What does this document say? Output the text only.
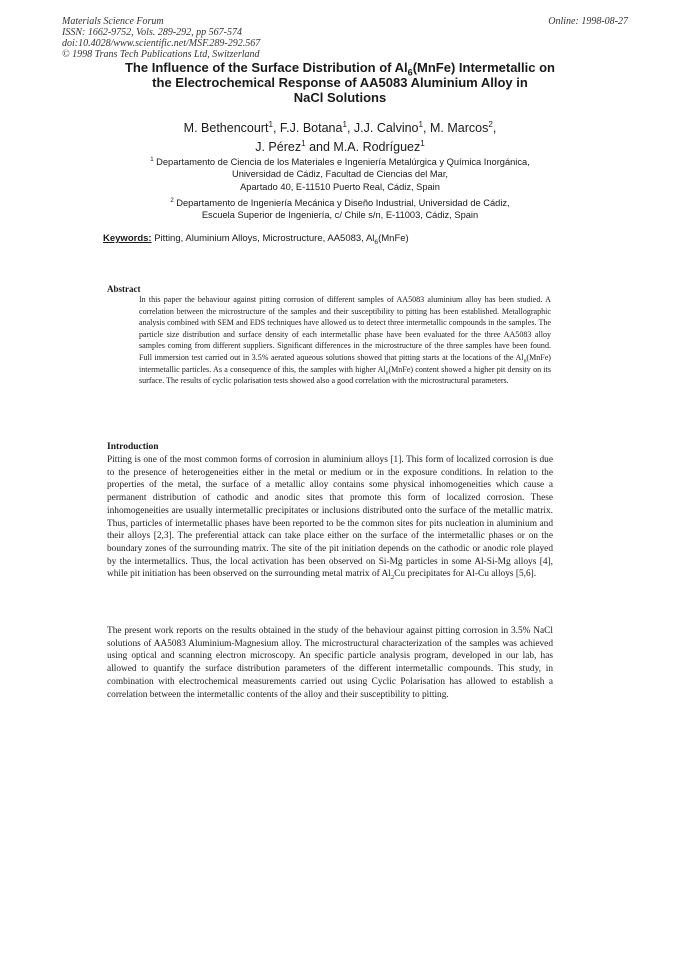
Materials Science Forum
ISSN: 1662-9752, Vols. 289-292, pp 567-574
doi:10.4028/www.scientific.net/MSF.289-292.567
© 1998 Trans Tech Publications Ltd, Switzerland
Online: 1998-08-27
The Influence of the Surface Distribution of $Al_6(MnFe)$ Intermetallic on
the Electrochemical Response of AA5083 Aluminium Alloy in
NaCl Solutions
M. Bethencourt$^1$, F.J. Botana$^1$, J.J. Calvino$^1$, M. Marcos$^2$,
J. Pérez$^1$ and M.A. Rodríguez$^1$
$^1$ Departamento de Ciencia de los Materiales e Ingeniería Metalúrgica y Química Inorgánica,
Universidad de Cádiz, Facultad de Ciencias del Mar,
Apartado 40, E-11510 Puerto Real, Cádiz, Spain
$^2$ Departamento de Ingeniería Mecánica y Diseño Industrial, Universidad de Cádiz,
Escuela Superior de Ingeniería, c/ Chile s/n, E-11003, Cádiz, Spain
Keywords: Pitting, Aluminium Alloys, Microstructure, AA5083, $Al_6(MnFe)$
Abstract
In this paper the behaviour against pitting corrosion of different samples of AA5083 aluminium alloy has been studied. A correlation between the microstructure of the samples and their susceptibility to pitting has been established. Metallographic analysis combined with SEM and EDS techniques have allowed us to detect three intermetallic compounds in the samples. The particle size distribution and surface density of each intermetallic phase have been evaluated for the three AA5083 alloy samples coming from different suppliers. Significant differences in the microstructure of the three samples have been found. Full immersion test carried out in 3.5% aerated aqueous solutions showed that pitting starts at the locations of the $Al_6(MnFe)$ intermetallic particles. As a consequence of this, the samples with higher $Al_6(MnFe)$ content showed a higher pit density on its surface. The results of cyclic polarisation tests showed also a good correlation with the microstructural parameters.
Introduction
Pitting is one of the most common forms of corrosion in aluminium alloys [1]. This form of localized corrosion is due to the presence of heterogeneities either in the metal or medium or in the exposure conditions. In relation to the properties of the metal, the surface of a metallic alloy contains some physical inhomogeneities which cause a permanent distribution of cathodic and anodic sites that promote this form of localized corrosion. These inhomogeneities are usually intermetallic precipitates or inclusions distributed onto the surface of the metallic matrix. Thus, particles of intermetallic phases have been reported to be the common sites for pits nucleation in aluminium and their alloys [2,3]. The preferential attack can take place either on the surface of the intermetallic phases or on the boundary zones of the surrounding matrix. The site of the pit initiation depends on the cathodic or anodic role played by the intermetallics. Thus, the local activation has been observed on Si-Mg particles in some Al-Si-Mg alloys [4], while pit initiation has been observed on the surrounding metal matrix of $Al_2Cu$ precipitates for Al-Cu alloys [5,6].
The present work reports on the results obtained in the study of the behaviour against pitting corrosion in 3.5% NaCl solutions of AA5083 Aluminium-Magnesium alloy. The microstructural characterization of the samples was achieved using optical and scanning electron microscopy. An specific particle analysis program, developed in our lab, has allowed to quantify the surface distribution parameters of the different intermetallic compounds. This study, in combination with electrochemical measurements carried out using Cyclic Polarisation has allowed to establish a correlation between the intermetallic contents of the alloy and their susceptibility to pitting.
